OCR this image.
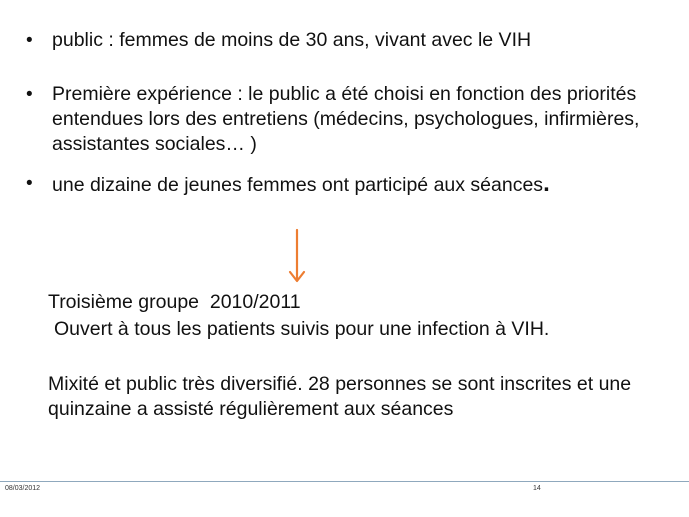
• public : femmes de moins de 30 ans, vivant avec le VIH
• Première expérience : le public a été choisi en fonction des priorités entendues lors des entretiens (médecins, psychologues, infirmières, assistantes sociales… )
• une dizaine de jeunes femmes ont participé aux séances.
Troisième groupe  2010/2011
Ouvert à tous les patients suivis pour une infection à VIH.
Mixité et public très diversifié. 28 personnes se sont inscrites et une quinzaine a assisté régulièrement aux séances
08/03/2012	14
